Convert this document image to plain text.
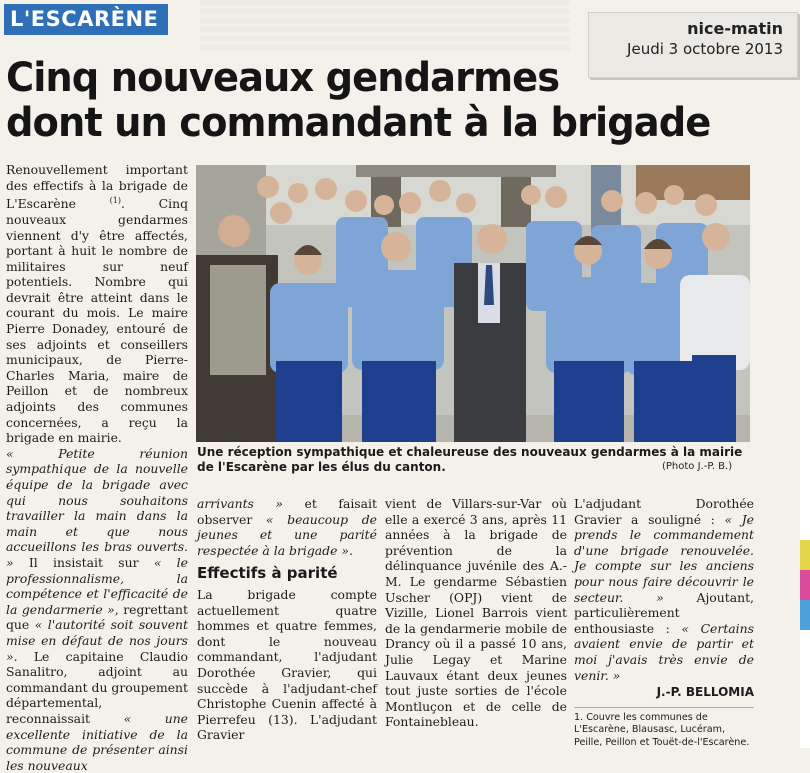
L'ESCARÈNE	nice-matin
Jeudi 3 octobre 2013
Cinq nouveaux gendarmes
dont un commandant à la brigade

Renouvellement important des effectifs à la brigade de L'Escarène $^{(1)}$. Cinq nouveaux gendarmes viennent d'y être affectés, portant à huit le nombre de militaires sur neuf potentiels. Nombre qui devrait être atteint dans le courant du mois. Le maire Pierre Donadey, entouré de ses adjoints et conseillers municipaux, de Pierre-Charles Maria, maire de Peillon et de nombreux adjoints des communes concernées, a reçu la brigade en mairie.

« Petite réunion sympathique de la nouvelle équipe de la brigade avec qui nous souhaitons travailler la main dans la main et que nous accueillons les bras ouverts. » Il insistait sur « le professionnalisme, la compétence et l'efficacité de la gendarmerie », regrettant que « l'autorité soit souvent mise en défaut de nos jours ». Le capitaine Claudio Sanalitro, adjoint au commandant du groupement départemental, reconnaissait « une excellente initiative de la commune de présenter ainsi les nouveaux

Une réception sympathique et chaleureuse des nouveaux gendarmes à la mairie de l'Escarène par les élus du canton.	(Photo J.-P. B.)

arrivants » et faisait observer « beaucoup de jeunes et une parité respectée à la brigade ».

Effectifs à parité

La brigade compte actuellement quatre hommes et quatre femmes, dont le nouveau commandant, l'adjudant Dorothée Gravier, qui succède à l'adjudant-chef Christophe Cuenin affecté à Pierrefeu (13). L'adjudant Gravier

vient de Villars-sur-Var où elle a exercé 3 ans, après 11 années à la brigade de prévention de la délinquance juvénile des A.-M. Le gendarme Sébastien Uscher (OPJ) vient de Vizille, Lionel Barrois vient de la gendarmerie mobile de Drancy où il a passé 10 ans, Julie Legay et Marine Lauvaux étant deux jeunes tout juste sorties de l'école Montluçon et de celle de Fontainebleau.

L'adjudant Dorothée Gravier a souligné : « Je prends le commandement d'une brigade renouvelée. Je compte sur les anciens pour nous faire découvrir le secteur. » Ajoutant, particulièrement enthousiaste : « Certains avaient envie de partir et moi j'avais très envie de venir. »

J.-P. BELLOMIA
1. Couvre les communes de L'Escarène, Blausasc, Lucéram, Peille, Peillon et Touët-de-l'Escarène.
